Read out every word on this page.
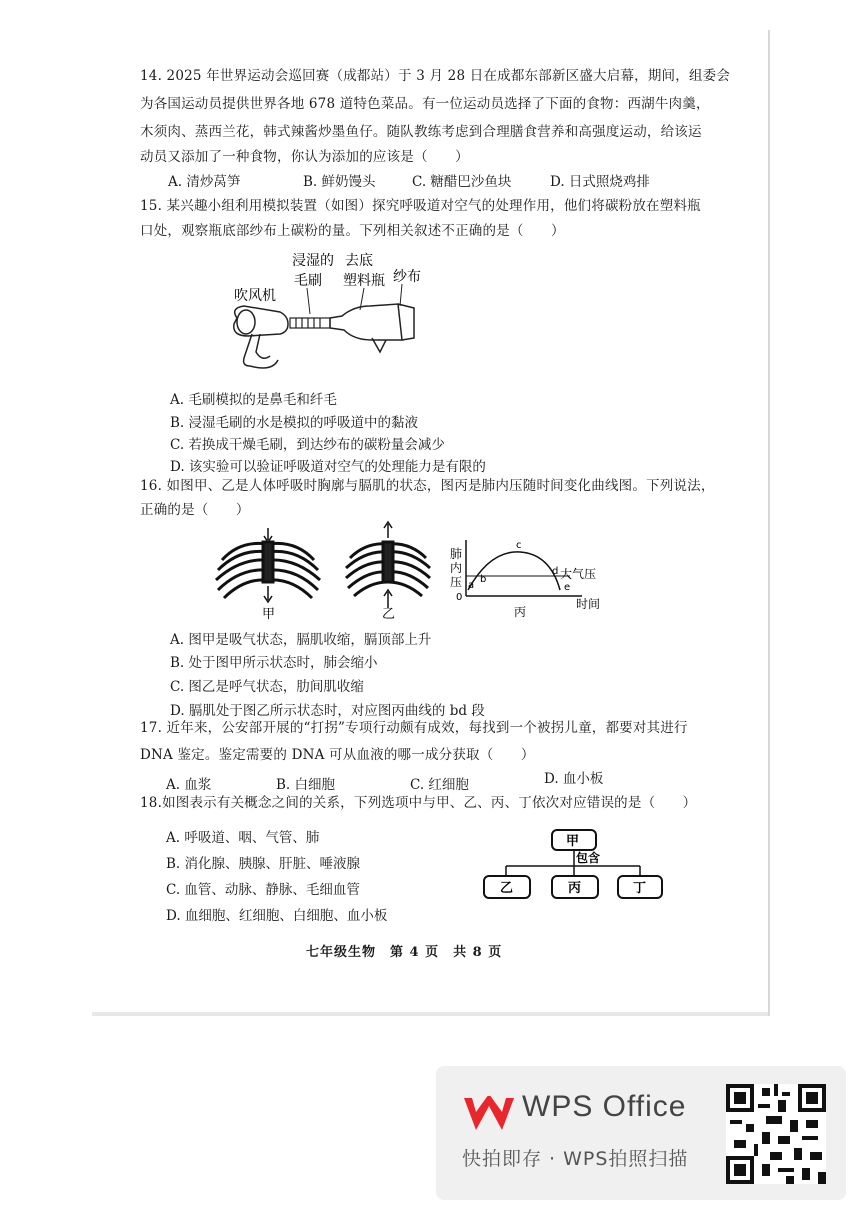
14. 2025 年世界运动会巡回赛（成都站）于 3 月 28 日在成都东部新区盛大启幕，期间，组委会
为各国运动员提供世界各地 678 道特色菜品。有一位运动员选择了下面的食物：西湖牛肉羹，
木须肉、蒸西兰花，韩式辣酱炒墨鱼仔。随队教练考虑到合理膳食营养和高强度运动，给该运
动员又添加了一种食物，你认为添加的应该是（　　）
A. 清炒莴笋	B. 鲜奶馒头	C. 糖醋巴沙鱼块	D. 日式照烧鸡排
15. 某兴趣小组利用模拟装置（如图）探究呼吸道对空气的处理作用，他们将碳粉放在塑料瓶
口处，观察瓶底部纱布上碳粉的量。下列相关叙述不正确的是（　　）
浸湿的 去底
毛刷 塑料瓶 纱布
吹风机
A. 毛刷模拟的是鼻毛和纤毛
B. 浸湿毛刷的水是模拟的呼吸道中的黏液
C. 若换成干燥毛刷，到达纱布的碳粉量会减少
D. 该实验可以验证呼吸道对空气的处理能力是有限的
16. 如图甲、乙是人体呼吸时胸廓与膈肌的状态，图丙是肺内压随时间变化曲线图。下列说法，
正确的是（　　）
甲	乙
肺
内
压
0
a
b
c
d
e
大气压
时间
丙
A. 图甲是吸气状态，膈肌收缩，膈顶部上升
B. 处于图甲所示状态时，肺会缩小
C. 图乙是呼气状态，肋间肌收缩
D. 膈肌处于图乙所示状态时，对应图丙曲线的 bd 段
17. 近年来，公安部开展的“打拐”专项行动颇有成效，每找到一个被拐儿童，都要对其进行
DNA 鉴定。鉴定需要的 DNA 可从血液的哪一成分获取（　　）
A. 血浆	B. 白细胞	C. 红细胞	D. 血小板
18.如图表示有关概念之间的关系，下列选项中与甲、乙、丙、丁依次对应错误的是（　　）
A. 呼吸道、咽、气管、肺
B. 消化腺、胰腺、肝脏、唾液腺
C. 血管、动脉、静脉、毛细血管
D. 血细胞、红细胞、白细胞、血小板
甲
包含
乙	丙	丁
七年级生物　第 4 页　共 8 页
WPS Office
快拍即存 · WPS拍照扫描
